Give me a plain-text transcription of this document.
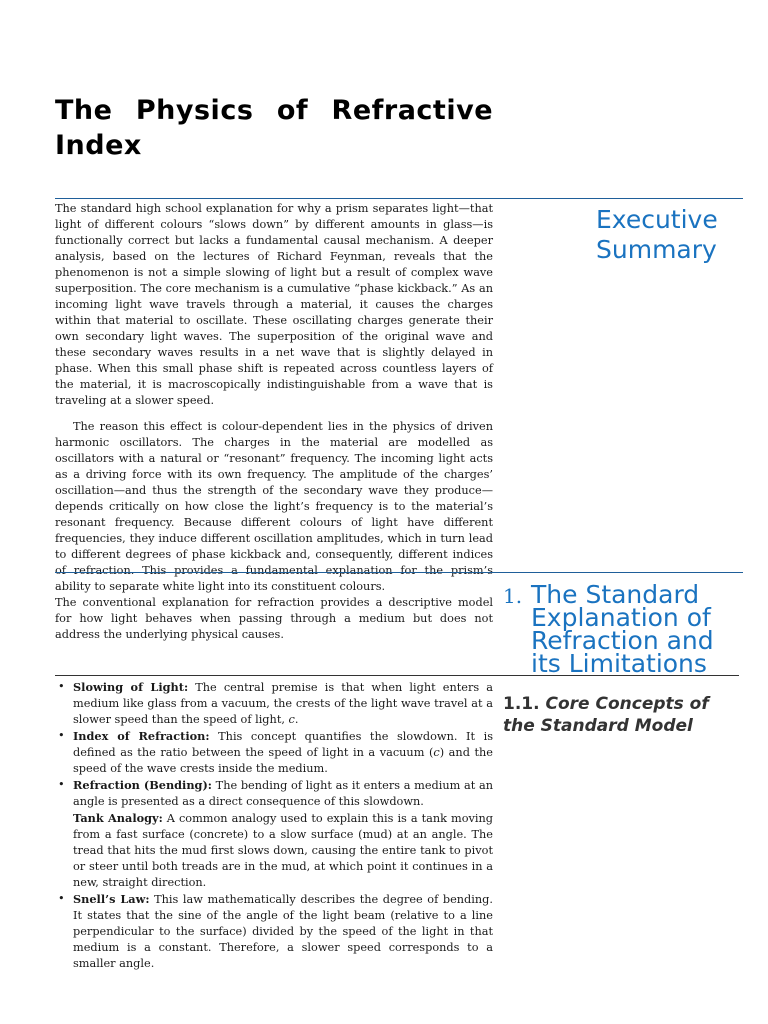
The Physics of Refractive Index

The standard high school explanation for why a prism separates light—that light of different colours “slows down” by different amounts in glass—is functionally correct but lacks a fundamental causal mechanism. A deeper analysis, based on the lectures of Richard Feynman, reveals that the phenomenon is not a simple slowing of light but a result of complex wave superposition. The core mechanism is a cumulative “phase kickback.” As an incoming light wave travels through a material, it causes the charges within that material to oscillate. These oscillating charges generate their own secondary light waves. The superposition of the original wave and these secondary waves results in a net wave that is slightly delayed in phase. When this small phase shift is repeated across countless layers of the material, it is macroscopically indistinguishable from a wave that is traveling at a slower speed.

The reason this effect is colour-dependent lies in the physics of driven harmonic oscillators. The charges in the material are modelled as oscillators with a natural or “resonant” frequency. The incoming light acts as a driving force with its own frequency. The amplitude of the charges’ oscillation—and thus the strength of the secondary wave they produce—depends critically on how close the light’s frequency is to the material’s resonant frequency. Because different colours of light have different frequencies, they induce different oscillation amplitudes, which in turn lead to different degrees of phase kickback and, consequently, different indices of refraction. This provides a fundamental explanation for the prism’s ability to separate white light into its constituent colours.

Executive Summary
1. The Standard Explanation of Refraction and its Limitations

The conventional explanation for refraction provides a descriptive model for how light behaves when passing through a medium but does not address the underlying physical causes.

1.1. Core Concepts of the Standard Model
• Slowing of Light: The central premise is that when light enters a medium like glass from a vacuum, the crests of the light wave travel at a slower speed than the speed of light, c.
• Index of Refraction: This concept quantifies the slowdown. It is defined as the ratio between the speed of light in a vacuum (c) and the speed of the wave crests inside the medium.
• Refraction (Bending): The bending of light as it enters a medium at an angle is presented as a direct consequence of this slowdown.
Tank Analogy: A common analogy used to explain this is a tank moving from a fast surface (concrete) to a slow surface (mud) at an angle. The tread that hits the mud first slows down, causing the entire tank to pivot or steer until both treads are in the mud, at which point it continues in a new, straight direction.
• Snell’s Law: This law mathematically describes the degree of bending. It states that the sine of the angle of the light beam (relative to a line perpendicular to the surface) divided by the speed of the light in that medium is a constant. Therefore, a slower speed corresponds to a smaller angle.
